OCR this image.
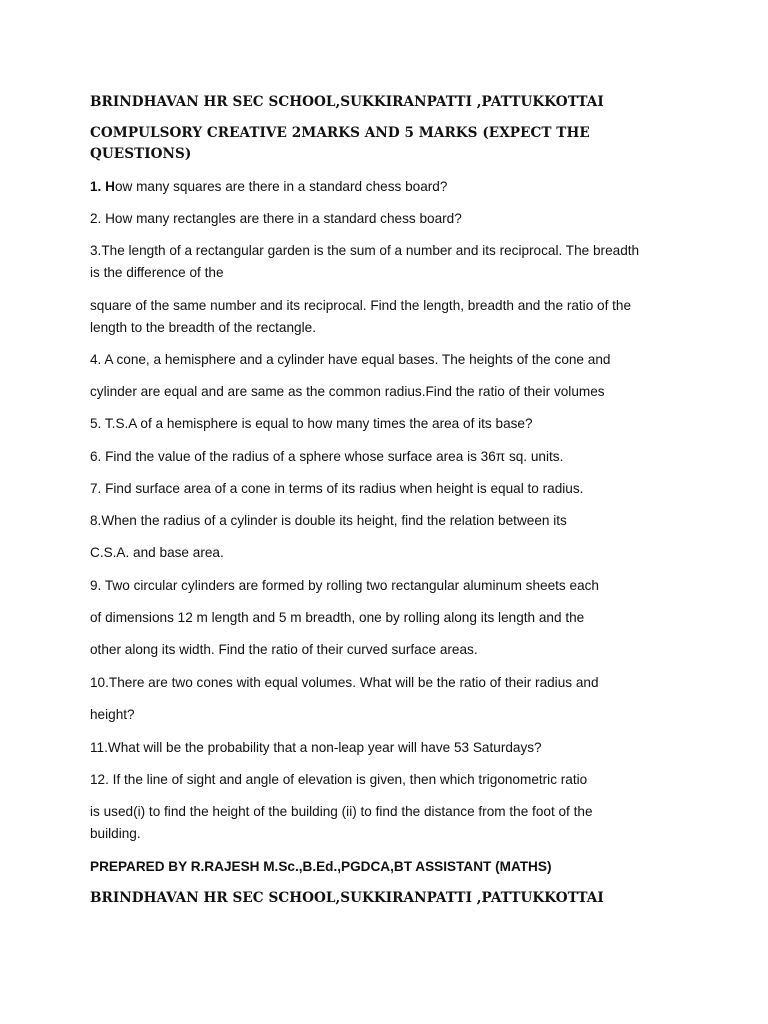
BRINDHAVAN HR SEC SCHOOL,SUKKIRANPATTI ,PATTUKKOTTAI

COMPULSORY CREATIVE 2MARKS AND 5 MARKS (EXPECT THE

QUESTIONS)

1. How many squares are there in a standard chess board?

2. How many rectangles are there in a standard chess board?

3.The length of a rectangular garden is the sum of a number and its reciprocal. The breadth

is the difference of the

square of the same number and its reciprocal. Find the length, breadth and the ratio of the

length to the breadth of the rectangle.

4. A cone, a hemisphere and a cylinder have equal bases. The heights of the cone and

cylinder are equal and are same as the common radius.Find the ratio of their volumes

5. T.S.A of a hemisphere is equal to how many times the area of its base?

6. Find the value of the radius of a sphere whose surface area is 36π sq. units.

7. Find surface area of a cone in terms of its radius when height is equal to radius.

8.When the radius of a cylinder is double its height, find the relation between its

C.S.A. and base area.

9. Two circular cylinders are formed by rolling two rectangular aluminum sheets each

of dimensions 12 m length and 5 m breadth, one by rolling along its length and the

other along its width. Find the ratio of their curved surface areas.

10.There are two cones with equal volumes. What will be the ratio of their radius and

height?

11.What will be the probability that a non-leap year will have 53 Saturdays?

12. If the line of sight and angle of elevation is given, then which trigonometric ratio

is used(i) to find the height of the building (ii) to find the distance from the foot of the

building.

PREPARED BY R.RAJESH M.Sc.,B.Ed.,PGDCA,BT ASSISTANT (MATHS)

BRINDHAVAN HR SEC SCHOOL,SUKKIRANPATTI ,PATTUKKOTTAI
